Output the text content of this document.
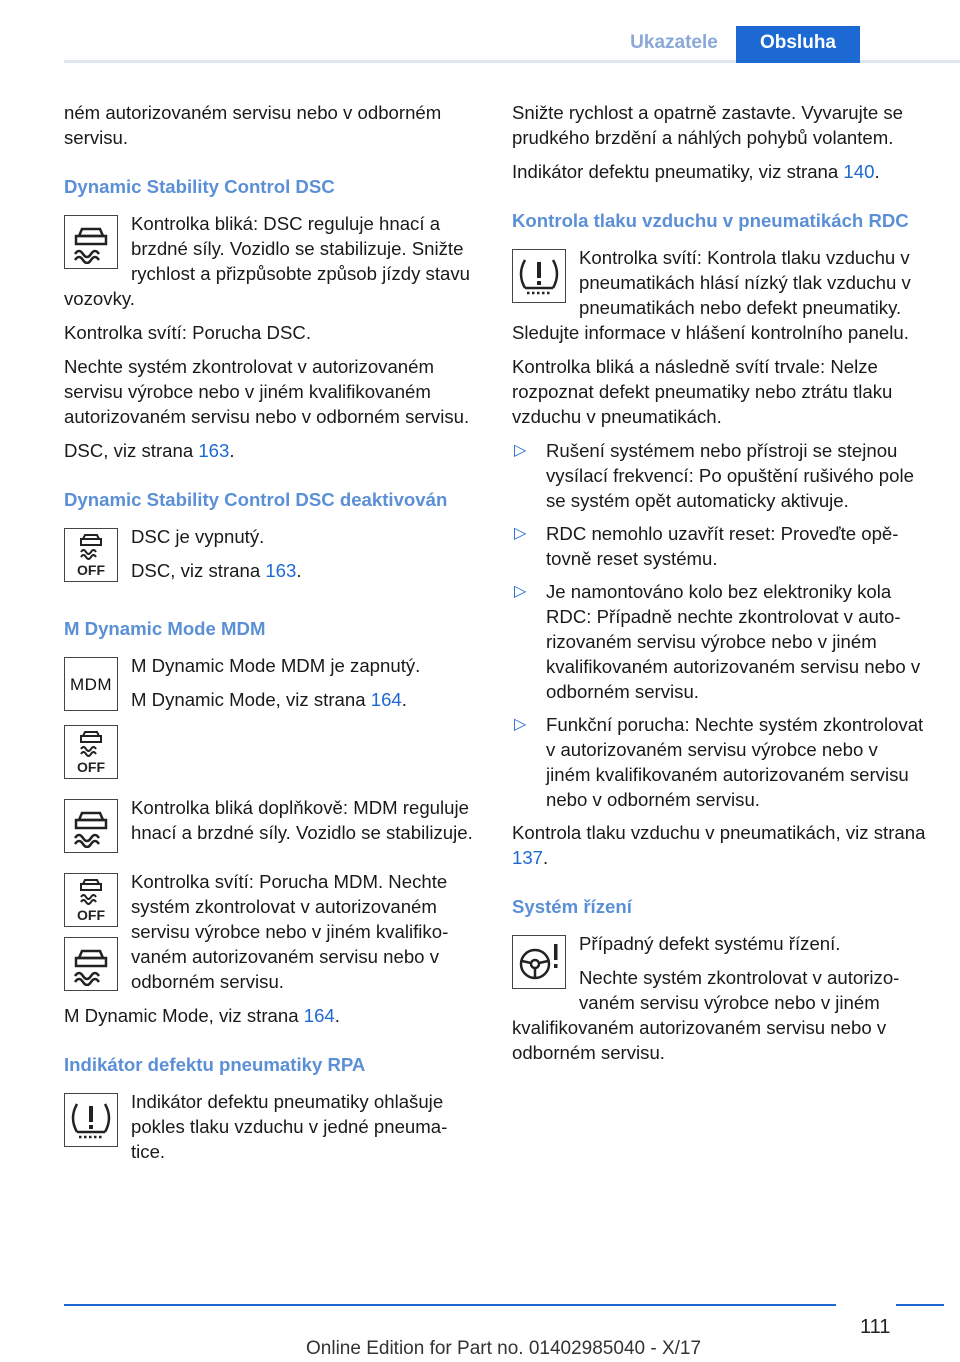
Ukazatele	Obsluha

ném autorizovaném servisu nebo v odborném servisu.

Dynamic Stability Control DSC

Kontrolka bliká: DSC reguluje hnací a brzdné síly. Vozidlo se stabilizuje. Snižte rychlost a přizpůsobte způsob jízdy stavu vozovky.

Kontrolka svítí: Porucha DSC.

Nechte systém zkontrolovat v autorizovaném servisu výrobce nebo v jiném kvalifikovaném autorizovaném servisu nebo v odborném servisu.

DSC, viz strana 163.

Dynamic Stability Control DSC deaktivován
OFF

DSC je vypnutý.

DSC, viz strana 163.

M Dynamic Mode MDM
MDM

M Dynamic Mode MDM je zapnutý.

M Dynamic Mode, viz strana 164.

OFF

Kontrolka bliká doplňkově: MDM reguluje hnací a brzdné síly. Vozidlo se stabilizuje.

OFF

Kontrolka svítí: Porucha MDM. Nechte systém zkontrolovat v autorizovaném servisu výrobce nebo v jiném kvalifikovaném autorizovaném servisu nebo v odborném servisu.

M Dynamic Mode, viz strana 164.

Indikátor defektu pneumatiky RPA

Indikátor defektu pneumatiky ohlašuje pokles tlaku vzduchu v jedné pneumatice.

Snižte rychlost a opatrně zastavte. Vyvarujte se prudkého brzdění a náhlých pohybů volantem.

Indikátor defektu pneumatiky, viz strana 140.

Kontrola tlaku vzduchu v pneumatikách RDC

Kontrolka svítí: Kontrola tlaku vzduchu v pneumatikách hlásí nízký tlak vzduchu v pneumatikách nebo defekt pneumatiky. Sledujte informace v hlášení kontrolního panelu.

Kontrolka bliká a následně svítí trvale: Nelze rozpoznat defekt pneumatiky nebo ztrátu tlaku vzduchu v pneumatikách.

▷ Rušení systémem nebo přístroji se stejnou vysílací frekvencí: Po opuštění rušivého pole se systém opět automaticky aktivuje.
▷ RDC nemohlo uzavřít reset: Proveďte opětovně reset systému.
▷ Je namontováno kolo bez elektroniky kola RDC: Případně nechte zkontrolovat v autorizovaném servisu výrobce nebo v jiném kvalifikovaném autorizovaném servisu nebo v odborném servisu.
▷ Funkční porucha: Nechte systém zkontrolovat v autorizovaném servisu výrobce nebo v jiném kvalifikovaném autorizovaném servisu nebo v odborném servisu.

Kontrola tlaku vzduchu v pneumatikách, viz strana 137.

Systém řízení

Případný defekt systému řízení.

Nechte systém zkontrolovat v autorizovaném servisu výrobce nebo v jiném kvalifikovaném autorizovaném servisu nebo v odborném servisu.

111
Online Edition for Part no. 01402985040 - X/17
